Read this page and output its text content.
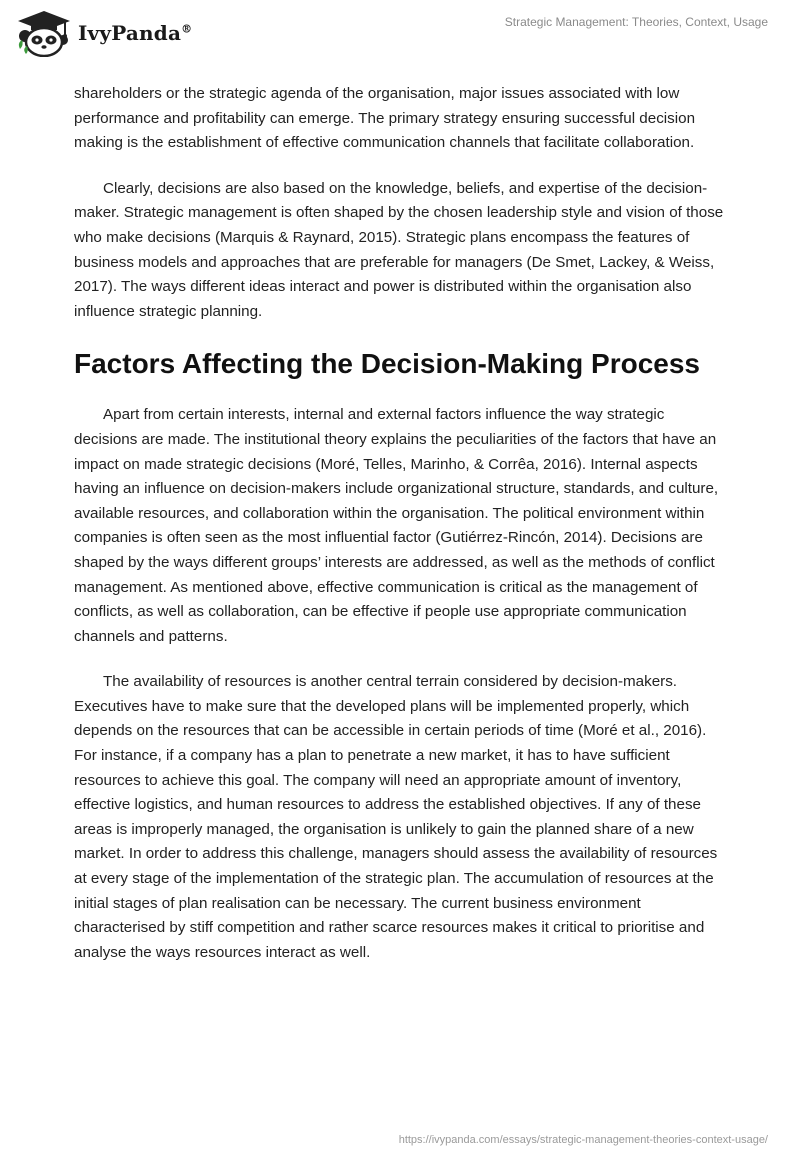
IvyPanda®	Strategic Management: Theories, Context, Usage

shareholders or the strategic agenda of the organisation, major issues associated with low performance and profitability can emerge. The primary strategy ensuring successful decision making is the establishment of effective communication channels that facilitate collaboration.

Clearly, decisions are also based on the knowledge, beliefs, and expertise of the decision-maker. Strategic management is often shaped by the chosen leadership style and vision of those who make decisions (Marquis & Raynard, 2015). Strategic plans encompass the features of business models and approaches that are preferable for managers (De Smet, Lackey, & Weiss, 2017). The ways different ideas interact and power is distributed within the organisation also influence strategic planning.

Factors Affecting the Decision-Making Process

Apart from certain interests, internal and external factors influence the way strategic decisions are made. The institutional theory explains the peculiarities of the factors that have an impact on made strategic decisions (Moré, Telles, Marinho, & Corrêa, 2016). Internal aspects having an influence on decision-makers include organizational structure, standards, and culture, available resources, and collaboration within the organisation. The political environment within companies is often seen as the most influential factor (Gutiérrez-Rincón, 2014). Decisions are shaped by the ways different groups’ interests are addressed, as well as the methods of conflict management. As mentioned above, effective communication is critical as the management of conflicts, as well as collaboration, can be effective if people use appropriate communication channels and patterns.

The availability of resources is another central terrain considered by decision-makers. Executives have to make sure that the developed plans will be implemented properly, which depends on the resources that can be accessible in certain periods of time (Moré et al., 2016). For instance, if a company has a plan to penetrate a new market, it has to have sufficient resources to achieve this goal. The company will need an appropriate amount of inventory, effective logistics, and human resources to address the established objectives. If any of these areas is improperly managed, the organisation is unlikely to gain the planned share of a new market. In order to address this challenge, managers should assess the availability of resources at every stage of the implementation of the strategic plan. The accumulation of resources at the initial stages of plan realisation can be necessary. The current business environment characterised by stiff competition and rather scarce resources makes it critical to prioritise and analyse the ways resources interact as well.

https://ivypanda.com/essays/strategic-management-theories-context-usage/
